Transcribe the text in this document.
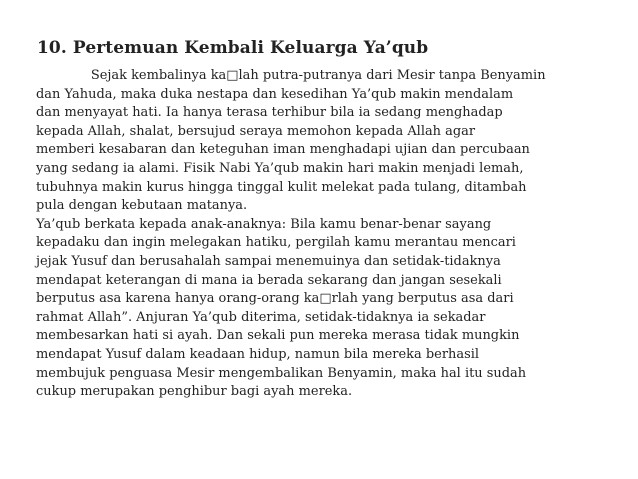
10. Pertemuan Kembali Keluarga Ya’qub
Sejak kembalinya ka□lah putra-putranya dari Mesir tanpa Benyamin
dan Yahuda, maka duka nestapa dan kesedihan Ya’qub makin mendalam
dan menyayat hati. Ia hanya terasa terhibur bila ia sedang menghadap
kepada Allah, shalat, bersujud seraya memohon kepada Allah agar
memberi kesabaran dan keteguhan iman menghadapi ujian dan percubaan
yang sedang ia alami. Fisik Nabi Ya’qub makin hari makin menjadi lemah,
tubuhnya makin kurus hingga tinggal kulit melekat pada tulang, ditambah
pula dengan kebutaan matanya.
Ya’qub berkata kepada anak-anaknya: Bila kamu benar-benar sayang
kepadaku dan ingin melegakan hatiku, pergilah kamu merantau mencari
jejak Yusuf dan berusahalah sampai menemuinya dan setidak-tidaknya
mendapat keterangan di mana ia berada sekarang dan jangan sesekali
berputus asa karena hanya orang-orang ka□rlah yang berputus asa dari
rahmat Allah”. Anjuran Ya’qub diterima, setidak-tidaknya ia sekadar
membesarkan hati si ayah. Dan sekali pun mereka merasa tidak mungkin
mendapat Yusuf dalam keadaan hidup, namun bila mereka berhasil
membujuk penguasa Mesir mengembalikan Benyamin, maka hal itu sudah
cukup merupakan penghibur bagi ayah mereka.
